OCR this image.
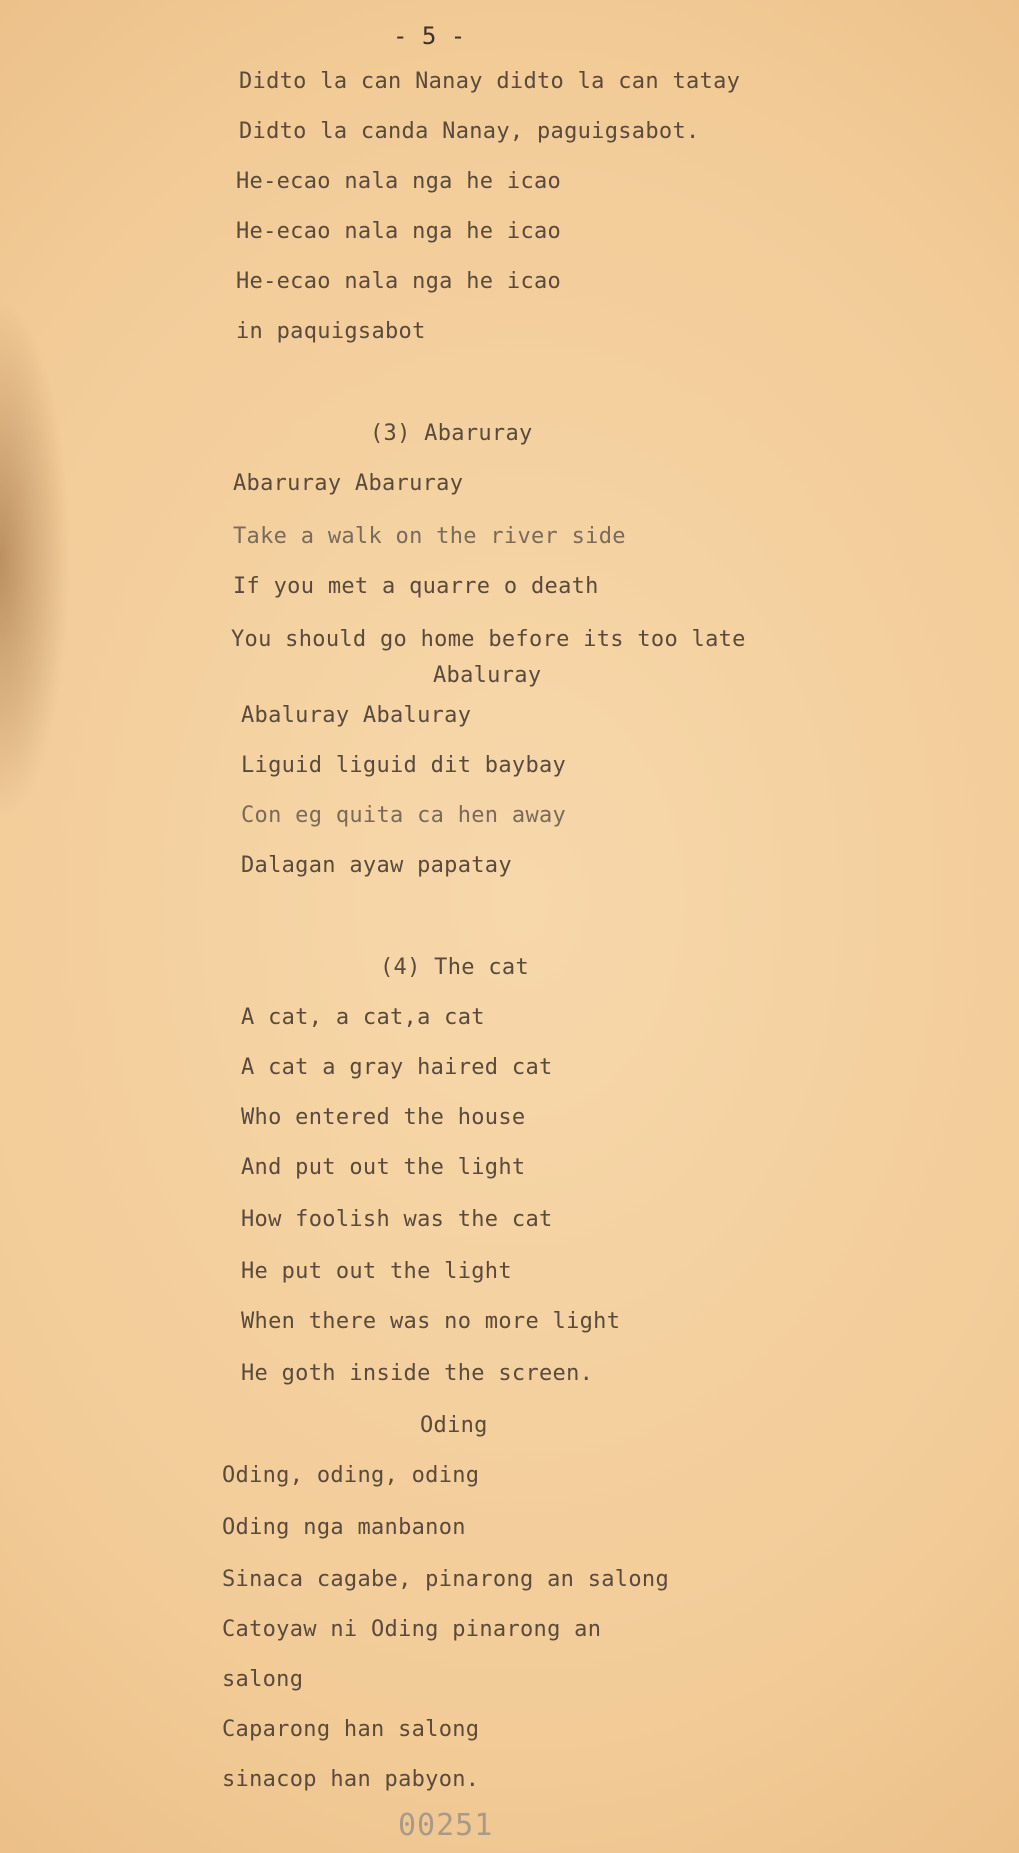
- 5 -
Didto la can Nanay didto la can tatay
Didto la canda Nanay, paguigsabot.
He-ecao nala nga he icao
He-ecao nala nga he icao
He-ecao nala nga he icao
in paquigsabot
(3) Abaruray
Abaruray Abaruray
Take a walk on the river side
If you met a quarre o death
You should go home before its too late
Abaluray
Abaluray Abaluray
Liguid liguid dit baybay
Con eg quita ca hen away
Dalagan ayaw papatay
(4) The cat
A cat, a cat,a cat
A cat a gray haired cat
Who entered the house
And put out the light
How foolish was the cat
He put out the light
When there was no more light
He goth inside the screen.
Oding
Oding, oding, oding
Oding nga manbanon
Sinaca cagabe, pinarong an salong
Catoyaw ni Oding pinarong an
salong
Caparong han salong
sinacop han pabyon.
00251
